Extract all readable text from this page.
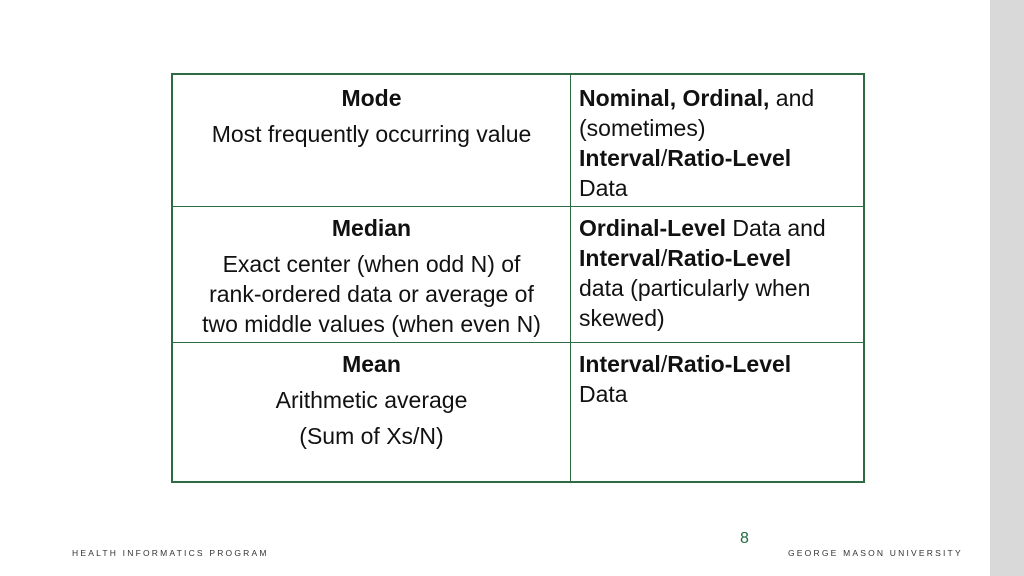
Mode
Most frequently occurring value
Nominal, Ordinal, and
(sometimes)
Interval/Ratio-Level
Data
Median
Exact center (when odd N) of
rank-ordered data or average of
two middle values (when even N)
Ordinal-Level Data and
Interval/Ratio-Level
data (particularly when
skewed)
Mean
Arithmetic average
(Sum of Xs/N)
Interval/Ratio-Level
Data
8
HEALTH INFORMATICS PROGRAM	GEORGE MASON UNIVERSITY
